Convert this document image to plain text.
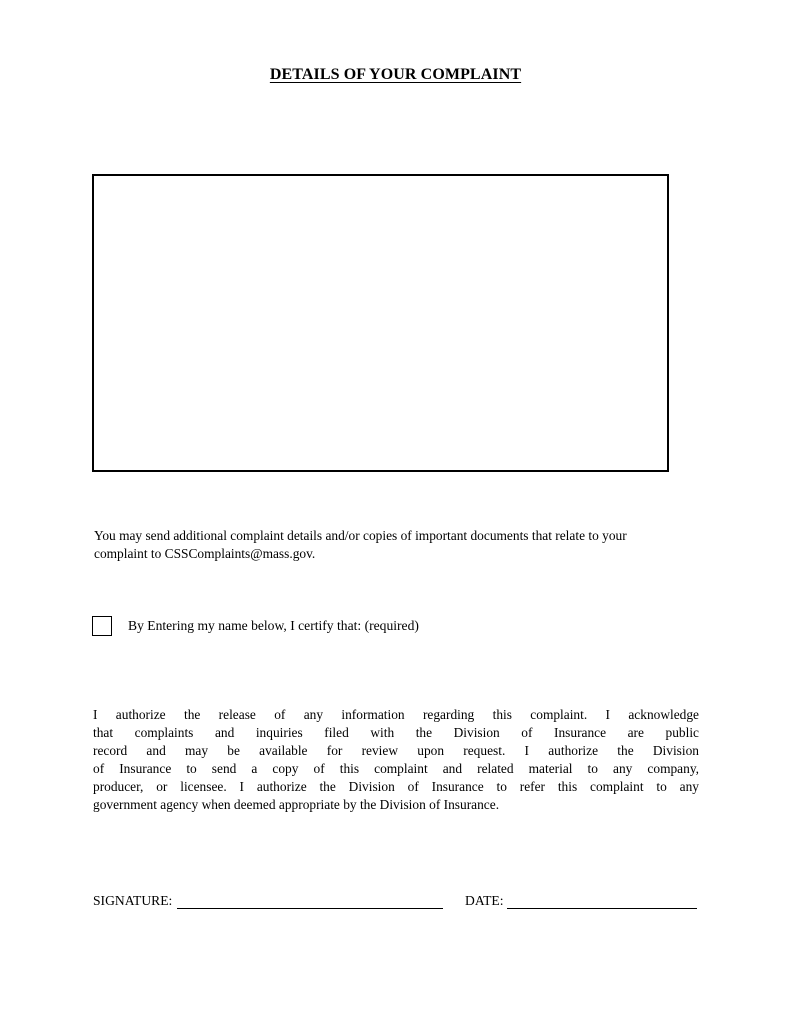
DETAILS OF YOUR COMPLAINT
You may send additional complaint details and/or copies of important documents that relate to your
complaint to CSSComplaints@mass.gov.
By Entering my name below, I certify that: (required)
I authorize the release of any information regarding this complaint. I acknowledge
that complaints and inquiries filed with the Division of Insurance are public
record and may be available for review upon request. I authorize the Division
of Insurance to send a copy of this complaint and related material to any company,
producer, or licensee. I authorize the Division of Insurance to refer this complaint to any
government agency when deemed appropriate by the Division of Insurance.
SIGNATURE:	DATE:
